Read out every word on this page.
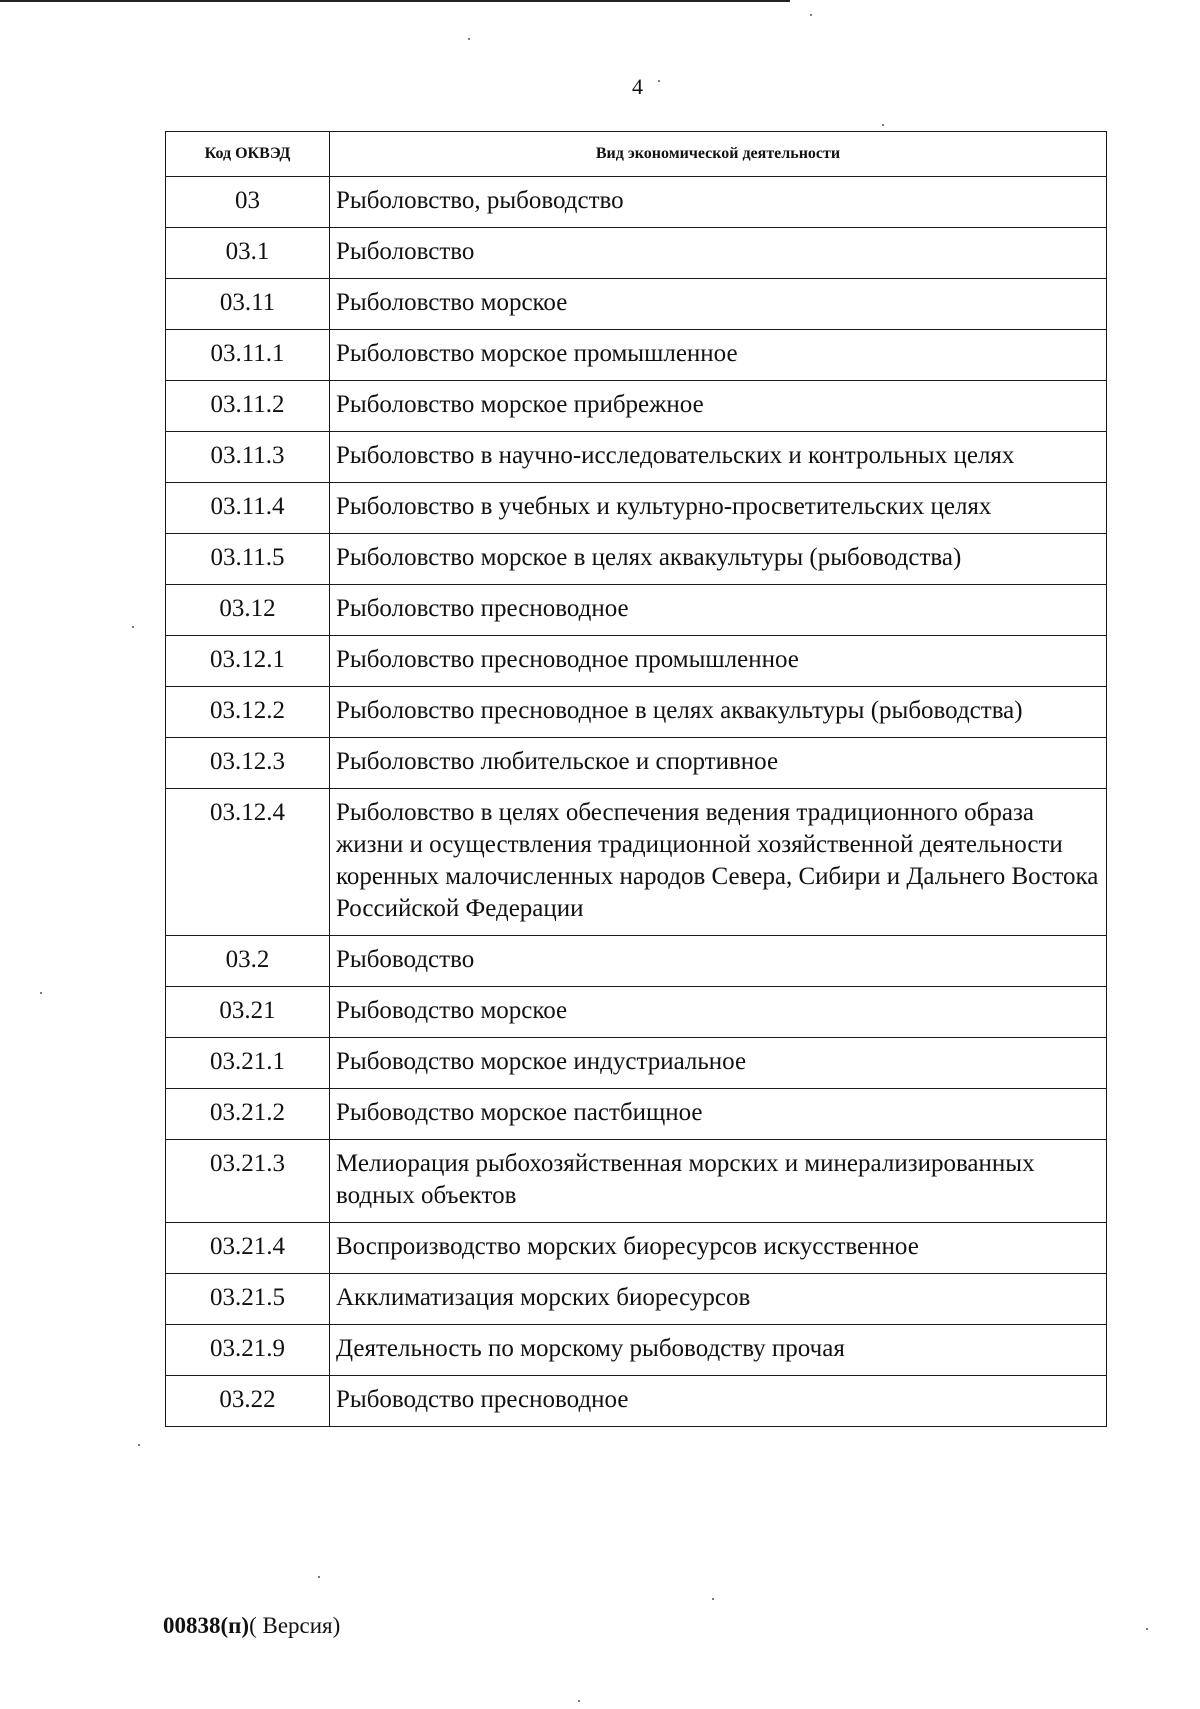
4
Код ОКВЭД	Вид экономической деятельности
03	Рыболовство, рыбоводство
03.1	Рыболовство
03.11	Рыболовство морское
03.11.1	Рыболовство морское промышленное
03.11.2	Рыболовство морское прибрежное
03.11.3	Рыболовство в научно-исследовательских и контрольных целях
03.11.4	Рыболовство в учебных и культурно-просветительских целях
03.11.5	Рыболовство морское в целях аквакультуры (рыбоводства)
03.12	Рыболовство пресноводное
03.12.1	Рыболовство пресноводное промышленное
03.12.2	Рыболовство пресноводное в целях аквакультуры (рыбоводства)
03.12.3	Рыболовство любительское и спортивное
03.12.4	Рыболовство в целях обеспечения ведения традиционного образа жизни и осуществления традиционной хозяйственной деятельности коренных малочисленных народов Севера, Сибири и Дальнего Востока Российской Федерации
03.2	Рыбоводство
03.21	Рыбоводство морское
03.21.1	Рыбоводство морское индустриальное
03.21.2	Рыбоводство морское пастбищное
03.21.3	Мелиорация рыбохозяйственная морских и минерализированных водных объектов
03.21.4	Воспроизводство морских биоресурсов искусственное
03.21.5	Акклиматизация морских биоресурсов
03.21.9	Деятельность по морскому рыбоводству прочая
03.22	Рыбоводство пресноводное
00838(п)( Версия)
